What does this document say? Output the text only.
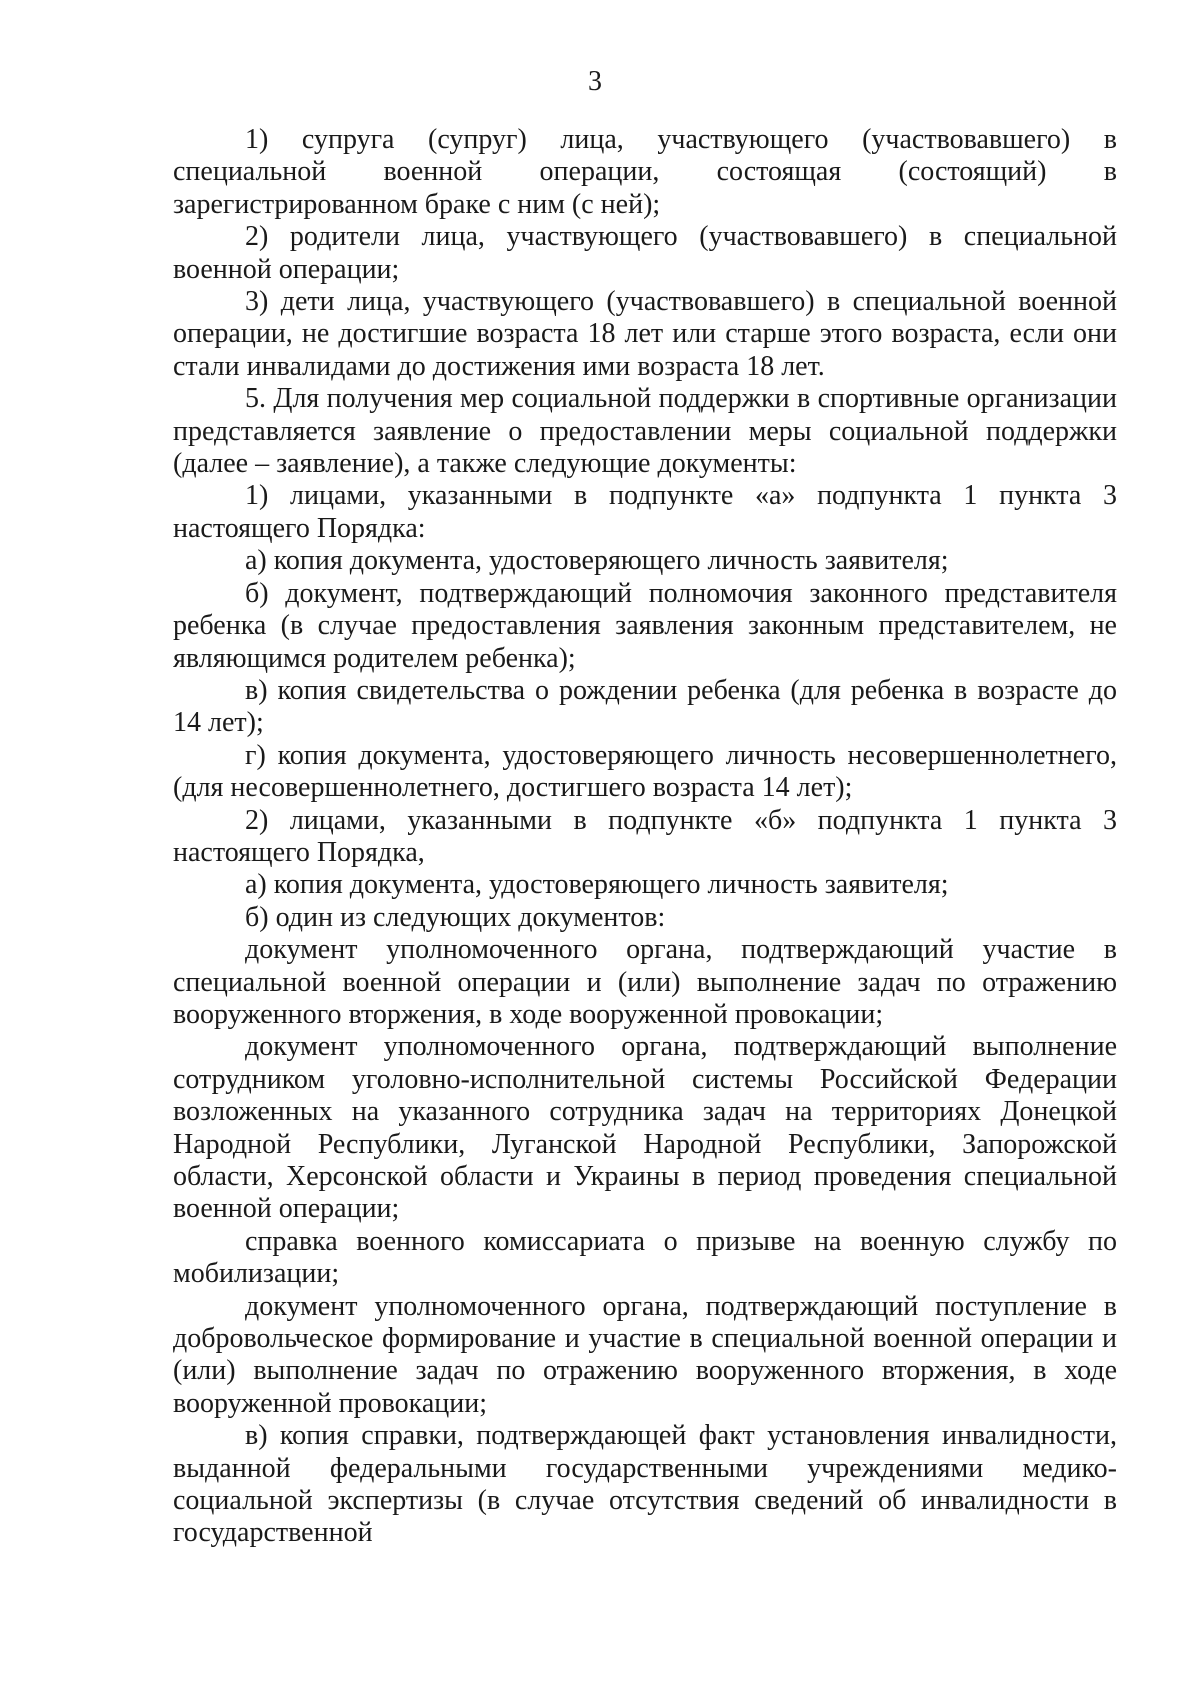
3

1) супруга (супруг) лица, участвующего (участвовавшего) в специальной военной операции, состоящая (состоящий) в зарегистрированном браке с ним (с ней);

2) родители лица, участвующего (участвовавшего) в специальной военной операции;

3) дети лица, участвующего (участвовавшего) в специальной военной операции, не достигшие возраста 18 лет или старше этого возраста, если они стали инвалидами до достижения ими возраста 18 лет.

5. Для получения мер социальной поддержки в спортивные организации представляется заявление о предоставлении меры социальной поддержки (далее – заявление), а также следующие документы:

1) лицами, указанными в подпункте «а» подпункта 1 пункта 3 настоящего Порядка:

а) копия документа, удостоверяющего личность заявителя;

б) документ, подтверждающий полномочия законного представителя ребенка (в случае предоставления заявления законным представителем, не являющимся родителем ребенка);

в) копия свидетельства о рождении ребенка (для ребенка в возрасте до 14 лет);

г) копия документа, удостоверяющего личность несовершеннолетнего, (для несовершеннолетнего, достигшего возраста 14 лет);

2) лицами, указанными в подпункте «б» подпункта 1 пункта 3 настоящего Порядка,

а) копия документа, удостоверяющего личность заявителя;

б) один из следующих документов:

документ уполномоченного органа, подтверждающий участие в специальной военной операции и (или) выполнение задач по отражению вооруженного вторжения, в ходе вооруженной провокации;

документ уполномоченного органа, подтверждающий выполнение сотрудником уголовно-исполнительной системы Российской Федерации возложенных на указанного сотрудника задач на территориях Донецкой Народной Республики, Луганской Народной Республики, Запорожской области, Херсонской области и Украины в период проведения специальной военной операции;

справка военного комиссариата о призыве на военную службу по мобилизации;

документ уполномоченного органа, подтверждающий поступление в добровольческое формирование и участие в специальной военной операции и (или) выполнение задач по отражению вооруженного вторжения, в ходе вооруженной провокации;

в) копия справки, подтверждающей факт установления инвалидности, выданной федеральными государственными учреждениями медико-социальной экспертизы (в случае отсутствия сведений об инвалидности в государственной
